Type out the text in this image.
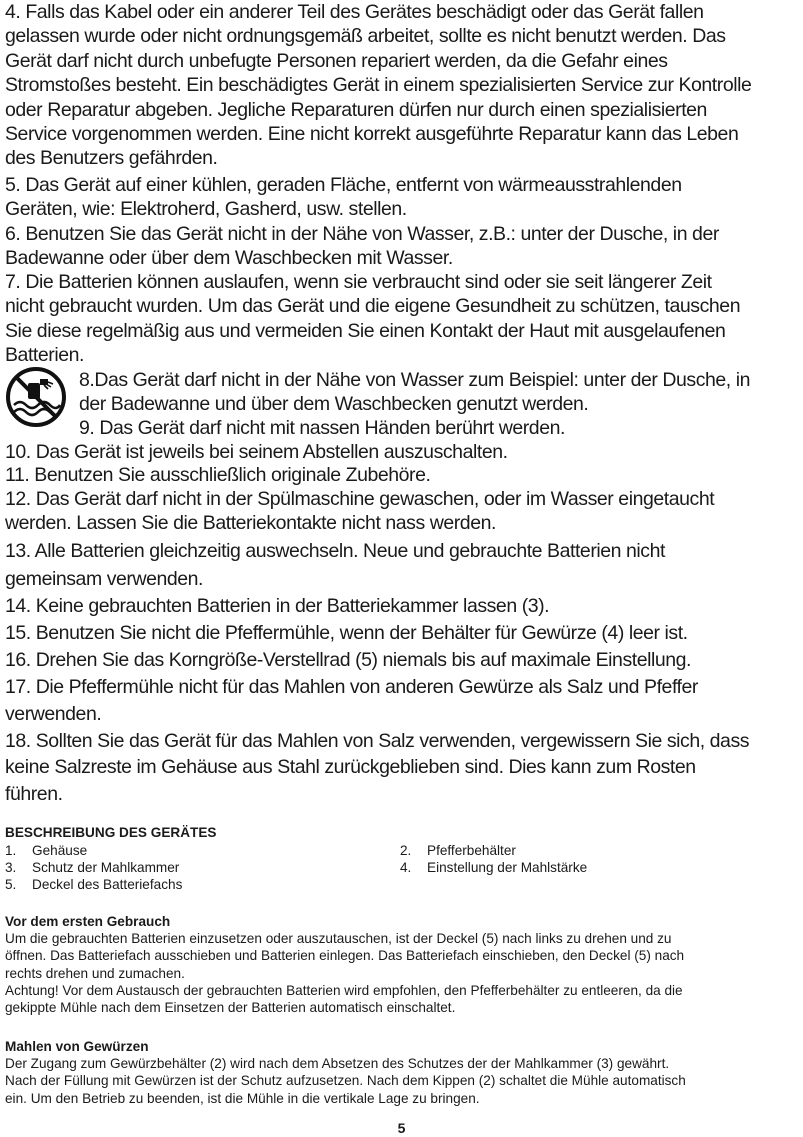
4. Falls das Kabel oder ein anderer Teil des Gerätes beschädigt oder das Gerät fallen
gelassen wurde oder nicht ordnungsgemäß arbeitet, sollte es nicht benutzt werden. Das
Gerät darf nicht durch unbefugte Personen repariert werden, da die Gefahr eines
Stromstoßes besteht. Ein beschädigtes Gerät in einem spezialisierten Service zur Kontrolle
oder Reparatur abgeben. Jegliche Reparaturen dürfen nur durch einen spezialisierten
Service vorgenommen werden. Eine nicht korrekt ausgeführte Reparatur kann das Leben
des Benutzers gefährden.
5. Das Gerät auf einer kühlen, geraden Fläche, entfernt von wärmeausstrahlenden
Geräten, wie: Elektroherd, Gasherd, usw. stellen.
6. Benutzen Sie das Gerät nicht in der Nähe von Wasser, z.B.: unter der Dusche, in der
Badewanne oder über dem Waschbecken mit Wasser.
7. Die Batterien können auslaufen, wenn sie verbraucht sind oder sie seit längerer Zeit
nicht gebraucht wurden. Um das Gerät und die eigene Gesundheit zu schützen, tauschen
Sie diese regelmäßig aus und vermeiden Sie einen Kontakt der Haut mit ausgelaufenen
Batterien.
8.Das Gerät darf nicht in der Nähe von Wasser zum Beispiel: unter der Dusche, in
der Badewanne und über dem Waschbecken genutzt werden.
9. Das Gerät darf nicht mit nassen Händen berührt werden.
10. Das Gerät ist jeweils bei seinem Abstellen auszuschalten.
11. Benutzen Sie ausschließlich originale Zubehöre.
12. Das Gerät darf nicht in der Spülmaschine gewaschen, oder im Wasser eingetaucht
werden. Lassen Sie die Batteriekontakte nicht nass werden.
13. Alle Batterien gleichzeitig auswechseln. Neue und gebrauchte Batterien nicht
gemeinsam verwenden.
14. Keine gebrauchten Batterien in der Batteriekammer lassen (3).
15. Benutzen Sie nicht die Pfeffermühle, wenn der Behälter für Gewürze (4) leer ist.
16. Drehen Sie das Korngröße-Verstellrad (5) niemals bis auf maximale Einstellung.
17. Die Pfeffermühle nicht für das Mahlen von anderen Gewürze als Salz und Pfeffer
verwenden.
18. Sollten Sie das Gerät für das Mahlen von Salz verwenden, vergewissern Sie sich, dass
keine Salzreste im Gehäuse aus Stahl zurückgeblieben sind. Dies kann zum Rosten
führen.
BESCHREIBUNG DES GERÄTES
1.	Gehäuse	2.	Pfefferbehälter
3.	Schutz der Mahlkammer	4.	Einstellung der Mahlstärke
5.	Deckel des Batteriefachs
Vor dem ersten Gebrauch
Um die gebrauchten Batterien einzusetzen oder auszutauschen, ist der Deckel (5) nach links zu drehen und zu
öffnen. Das Batteriefach ausschieben und Batterien einlegen. Das Batteriefach einschieben, den Deckel (5) nach
rechts drehen und zumachen.
Achtung! Vor dem Austausch der gebrauchten Batterien wird empfohlen, den Pfefferbehälter zu entleeren, da die
gekippte Mühle nach dem Einsetzen der Batterien automatisch einschaltet.
Mahlen von Gewürzen
Der Zugang zum Gewürzbehälter (2) wird nach dem Absetzen des Schutzes der der Mahlkammer (3) gewährt.
Nach der Füllung mit Gewürzen ist der Schutz aufzusetzen. Nach dem Kippen (2) schaltet die Mühle automatisch
ein. Um den Betrieb zu beenden, ist die Mühle in die vertikale Lage zu bringen.
5
